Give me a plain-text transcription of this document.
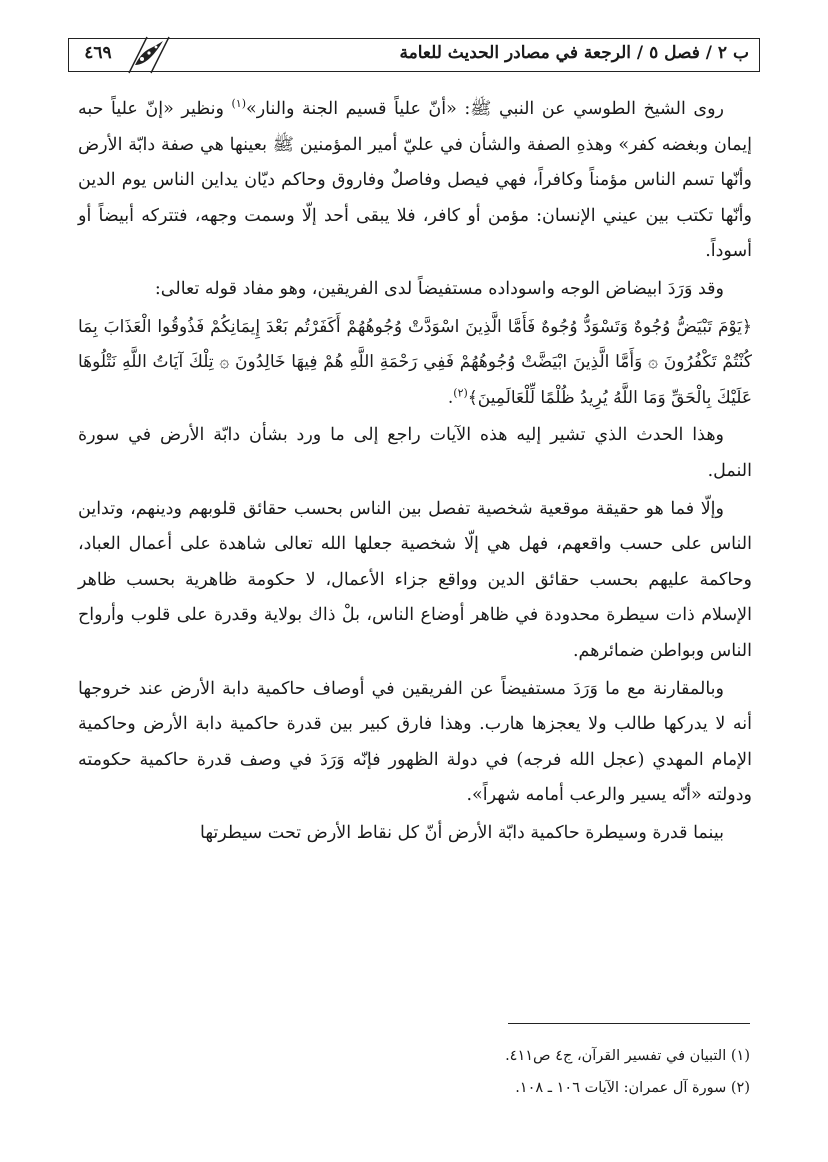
ب ٢ / فصل ٥ / الرجعة في مصادر الحديث للعامة
٤٦٩

روى الشيخ الطوسي عن النبي ﷺ: «أنّ علياً قسيم الجنة والنار»$^{(١)}$ ونظير «إنّ علياً حبه إيمان وبغضه كفر» وهذهِ الصفة والشأن في عليّ أمير المؤمنين ﷺ بعينها هي صفة دابّة الأرض وأنّها تسم الناس مؤمناً وكافراً، فهي فيصل وفاصلٌ وفاروق وحاكم ديّان يداين الناس يوم الدين وأنّها تكتب بين عيني الإنسان: مؤمن أو كافر، فلا يبقى أحد إلّا وسمت وجهه، فتتركه أبيضاً أو أسوداً.

وقد وَرَدَ ابيضاض الوجه واسوداده مستفيضاً لدى الفريقين، وهو مفاد قوله تعالى:

﴿يَوْمَ تَبْيَضُّ وُجُوهٌ وَتَسْوَدُّ وُجُوهٌ فَأَمَّا الَّذِينَ اسْوَدَّتْ وُجُوهُهُمْ أَكَفَرْتُم بَعْدَ إِيمَانِكُمْ فَذُوقُوا الْعَذَابَ بِمَا كُنْتُمْ تَكْفُرُونَ ۞ وَأَمَّا الَّذِينَ ابْيَضَّتْ وُجُوهُهُمْ فَفِي رَحْمَةِ اللَّهِ هُمْ فِيهَا خَالِدُونَ ۞ تِلْكَ آيَاتُ اللَّهِ نَتْلُوهَا عَلَيْكَ بِالْحَقِّ وَمَا اللَّهُ يُرِيدُ ظُلْمًا لِّلْعَالَمِينَ﴾$^{(٢)}$.

وهذا الحدث الذي تشير إليه هذه الآيات راجع إلى ما ورد بشأن دابّة الأرض في سورة النمل.

وإلّا فما هو حقيقة موقعية شخصية تفصل بين الناس بحسب حقائق قلوبهم ودينهم، وتداين الناس على حسب واقعهم، فهل هي إلّا شخصية جعلها الله تعالى شاهدة على أعمال العباد، وحاكمة عليهم بحسب حقائق الدين وواقع جزاء الأعمال، لا حكومة ظاهرية بحسب ظاهر الإسلام ذات سيطرة محدودة في ظاهر أوضاع الناس، بلْ ذاك بولاية وقدرة على قلوب وأرواح الناس وبواطن ضمائرهم.

وبالمقارنة مع ما وَرَدَ مستفيضاً عن الفريقين في أوصاف حاكمية دابة الأرض عند خروجها أنه لا يدركها طالب ولا يعجزها هارب. وهذا فارق كبير بين قدرة حاكمية دابة الأرض وحاكمية الإمام المهدي (عجل الله فرجه) في دولة الظهور فإنّه وَرَدَ في وصف قدرة حاكمية حكومته ودولته «أنّه يسير والرعب أمامه شهراً».

بينما قدرة وسيطرة حاكمية دابّة الأرض أنّ كل نقاط الأرض تحت سيطرتها

(١) التبيان في تفسير القرآن، ج٤ ص٤١١.

(٢) سورة آل عمران: الآيات ١٠٦ ـ ١٠٨.
